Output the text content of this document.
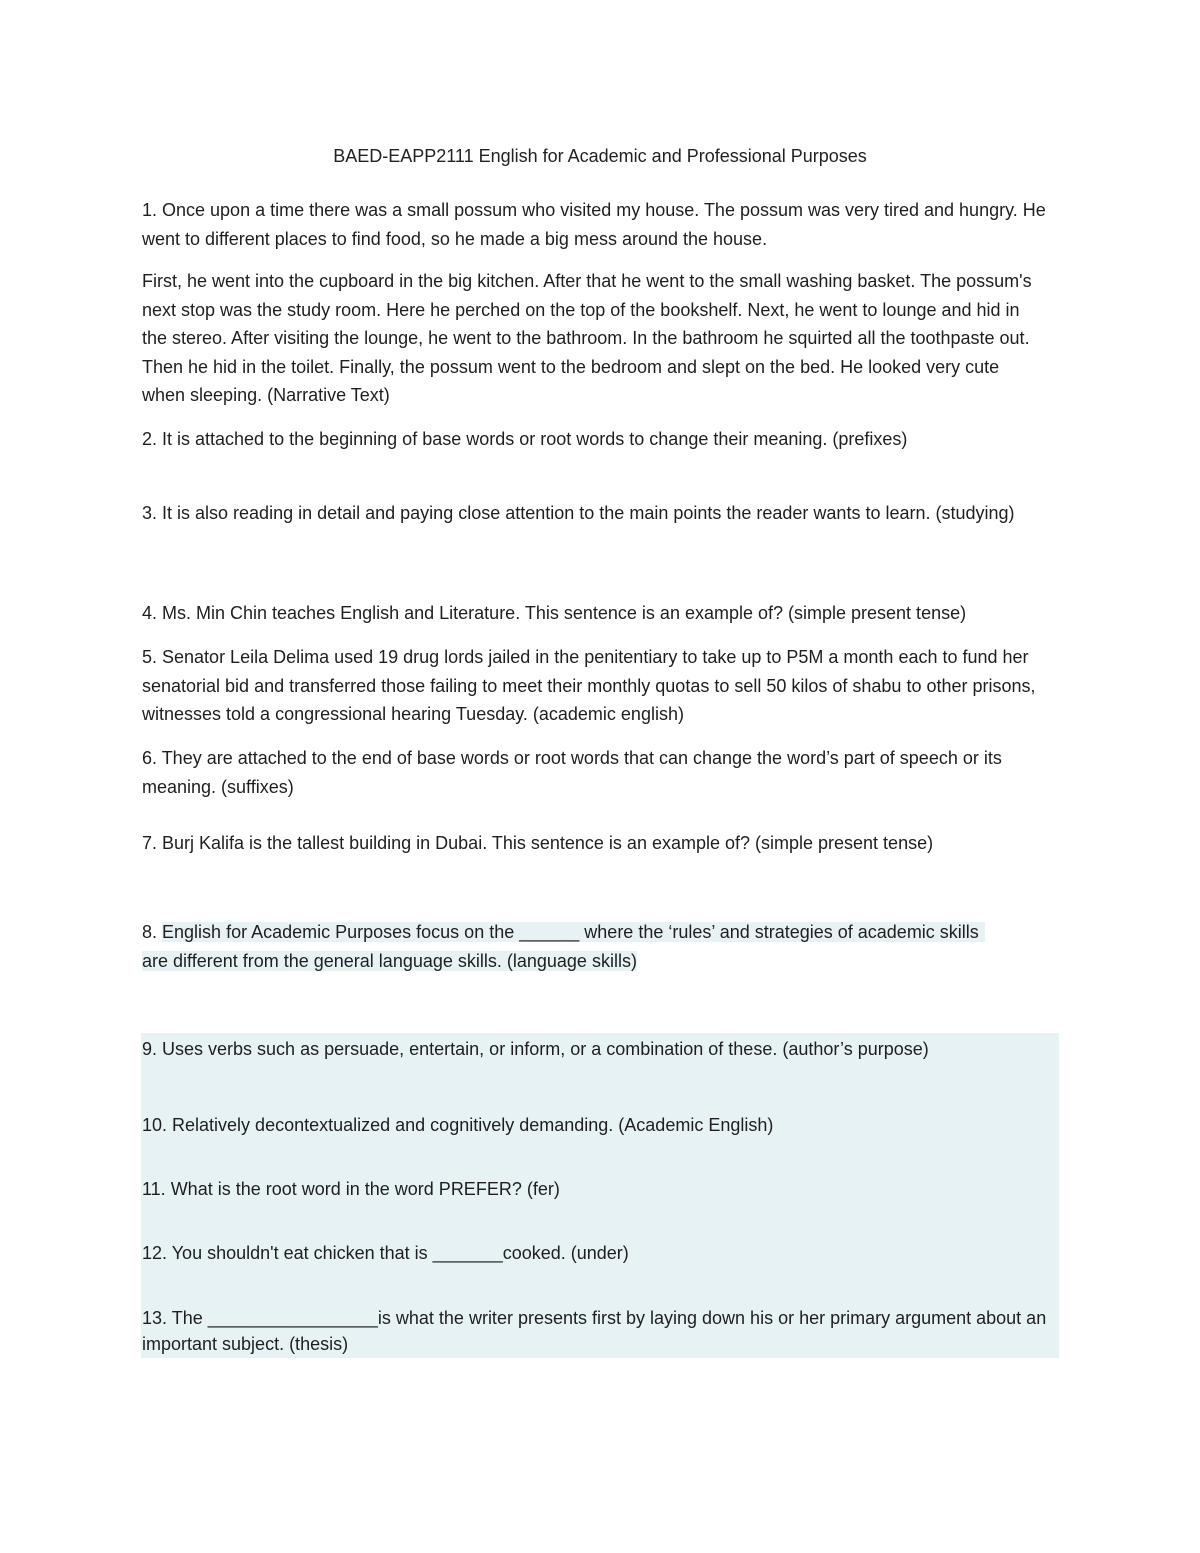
BAED-EAPP2111 English for Academic and Professional Purposes

1. Once upon a time there was a small possum who visited my house. The possum was very tired and hungry. He went to different places to find food, so he made a big mess around the house.

First, he went into the cupboard in the big kitchen. After that he went to the small washing basket. The possum's next stop was the study room. Here he perched on the top of the bookshelf. Next, he went to lounge and hid in the stereo. After visiting the lounge, he went to the bathroom. In the bathroom he squirted all the toothpaste out. Then he hid in the toilet. Finally, the possum went to the bedroom and slept on the bed. He looked very cute when sleeping. (Narrative Text)

2. It is attached to the beginning of base words or root words to change their meaning. (prefixes)

3. It is also reading in detail and paying close attention to the main points the reader wants to learn. (studying)

4. Ms. Min Chin teaches English and Literature. This sentence is an example of? (simple present tense)

5. Senator Leila Delima used 19 drug lords jailed in the penitentiary to take up to P5M a month each to fund her senatorial bid and transferred those failing to meet their monthly quotas to sell 50 kilos of shabu to other prisons, witnesses told a congressional hearing Tuesday. (academic english)

6. They are attached to the end of base words or root words that can change the word’s part of speech or its meaning. (suffixes)

7. Burj Kalifa is the tallest building in Dubai. This sentence is an example of? (simple present tense)

8. English for Academic Purposes focus on the ______ where the ‘rules’ and strategies of academic skills
are different from the general language skills. (language skills)

9. Uses verbs such as persuade, entertain, or inform, or a combination of these. (author’s purpose)

10. Relatively decontextualized and cognitively demanding. (Academic English)

11. What is the root word in the word PREFER? (fer)

12. You shouldn't eat chicken that is _______cooked. (under)

13. The _________________is what the writer presents first by laying down his or her primary argument about an important subject. (thesis)
